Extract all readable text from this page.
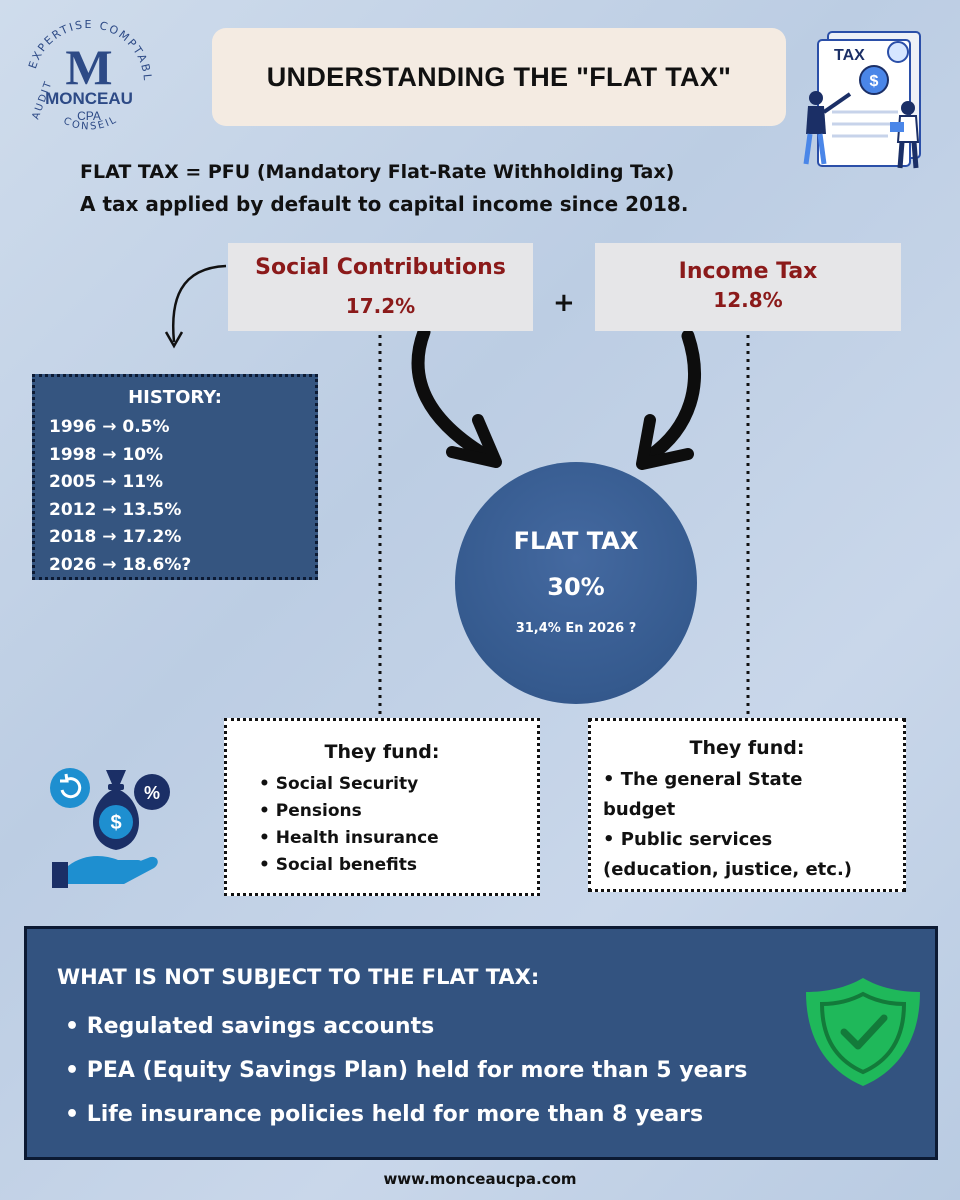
EXPERTISE COMPTABL
AUDIT
CONSEIL
M
MONCEAU
CPA
UNDERSTANDING THE "FLAT TAX"
TAX
$
FLAT TAX = PFU (Mandatory Flat-Rate Withholding Tax)
A tax applied by default to capital income since 2018.
Social Contributions
17.2%	+
Income Tax
12.8%
HISTORY:
1996 → 0.5%
1998 → 10%
2005 → 11%
2012 → 13.5%
2018 → 17.2%
2026 → 18.6%?
FLAT TAX
30%
31,4% En 2026 ?
%
$
They fund:
• Social Security
• Pensions
• Health insurance
• Social benefits
They fund:
• The general State
budget
• Public services
(education, justice, etc.)
WHAT IS NOT SUBJECT TO THE FLAT TAX:
• Regulated savings accounts
• PEA (Equity Savings Plan) held for more than 5 years
• Life insurance policies held for more than 8 years
www.monceaucpa.com
